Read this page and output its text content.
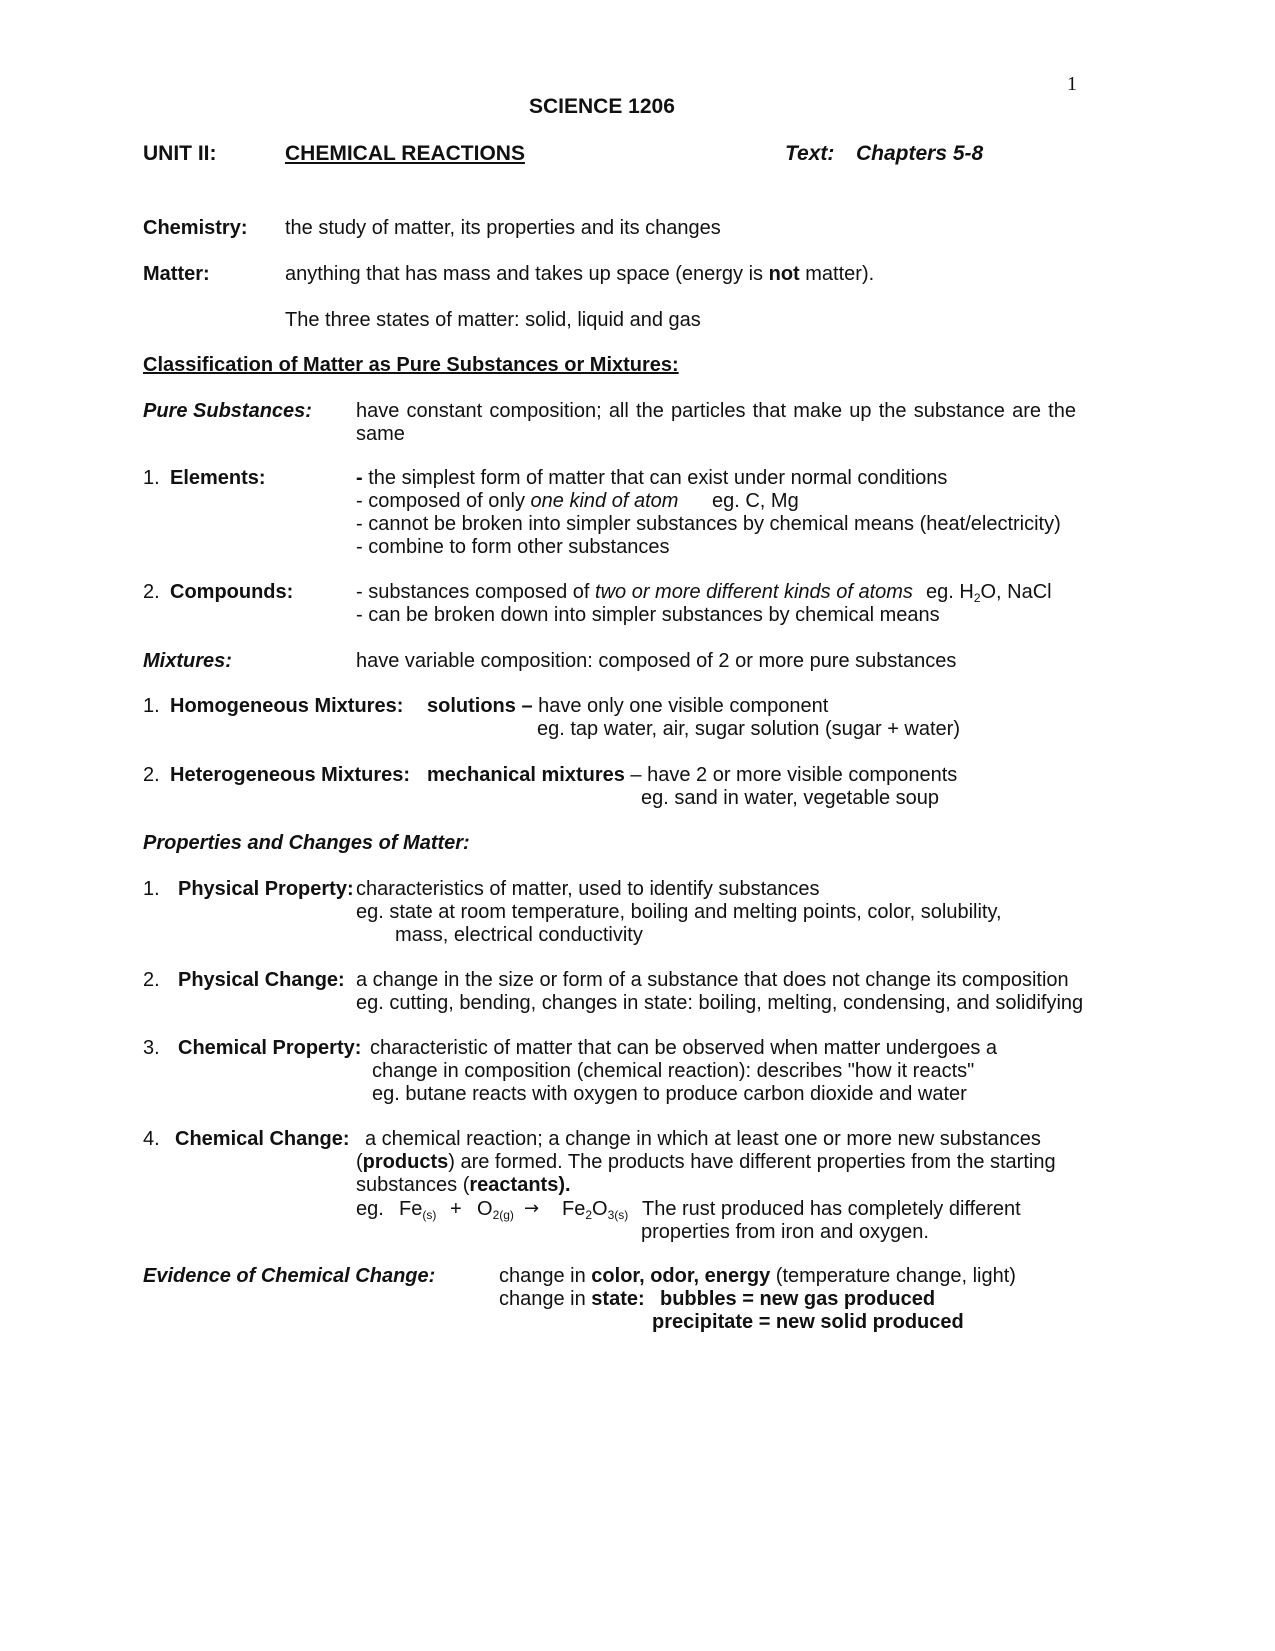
1
SCIENCE 1206
UNIT II:	CHEMICAL REACTIONS	Text: Chapters 5-8
Chemistry: the study of matter, its properties and its changes
Matter:	anything that has mass and takes up space (energy is not matter).
The three states of matter: solid, liquid and gas
Classification of Matter as Pure Substances or Mixtures:
Pure Substances: have constant composition; all the particles that make up the substance are the
same
1. Elements:	- the simplest form of matter that can exist under normal conditions
- composed of only one kind of atom eg. C, Mg
- cannot be broken into simpler substances by chemical means (heat/electricity)
- combine to form other substances
2. Compounds:	- substances composed of two or more different kinds of atoms eg. $H_2O$, NaCl
- can be broken down into simpler substances by chemical means
Mixtures:	have variable composition: composed of 2 or more pure substances
1. Homogeneous Mixtures: solutions – have only one visible component
eg. tap water, air, sugar solution (sugar + water)
2. Heterogeneous Mixtures: mechanical mixtures – have 2 or more visible components
eg. sand in water, vegetable soup
Properties and Changes of Matter:
1. Physical Property: characteristics of matter, used to identify substances
eg. state at room temperature, boiling and melting points, color, solubility,
mass, electrical conductivity
2. Physical Change: a change in the size or form of a substance that does not change its composition
eg. cutting, bending, changes in state: boiling, melting, condensing, and solidifying
3. Chemical Property: characteristic of matter that can be observed when matter undergoes a
change in composition (chemical reaction): describes "how it reacts"
eg. butane reacts with oxygen to produce carbon dioxide and water
4. Chemical Change: a chemical reaction; a change in which at least one or more new substances
(products) are formed. The products have different properties from the starting
substances (reactants).
eg. $Fe_{(s)} + O_{2(g)} \to Fe_2O_{3(s)}$ The rust produced has completely different
properties from iron and oxygen.
Evidence of Chemical Change:	change in color, odor, energy (temperature change, light)
change in state: bubbles = new gas produced
precipitate = new solid produced
